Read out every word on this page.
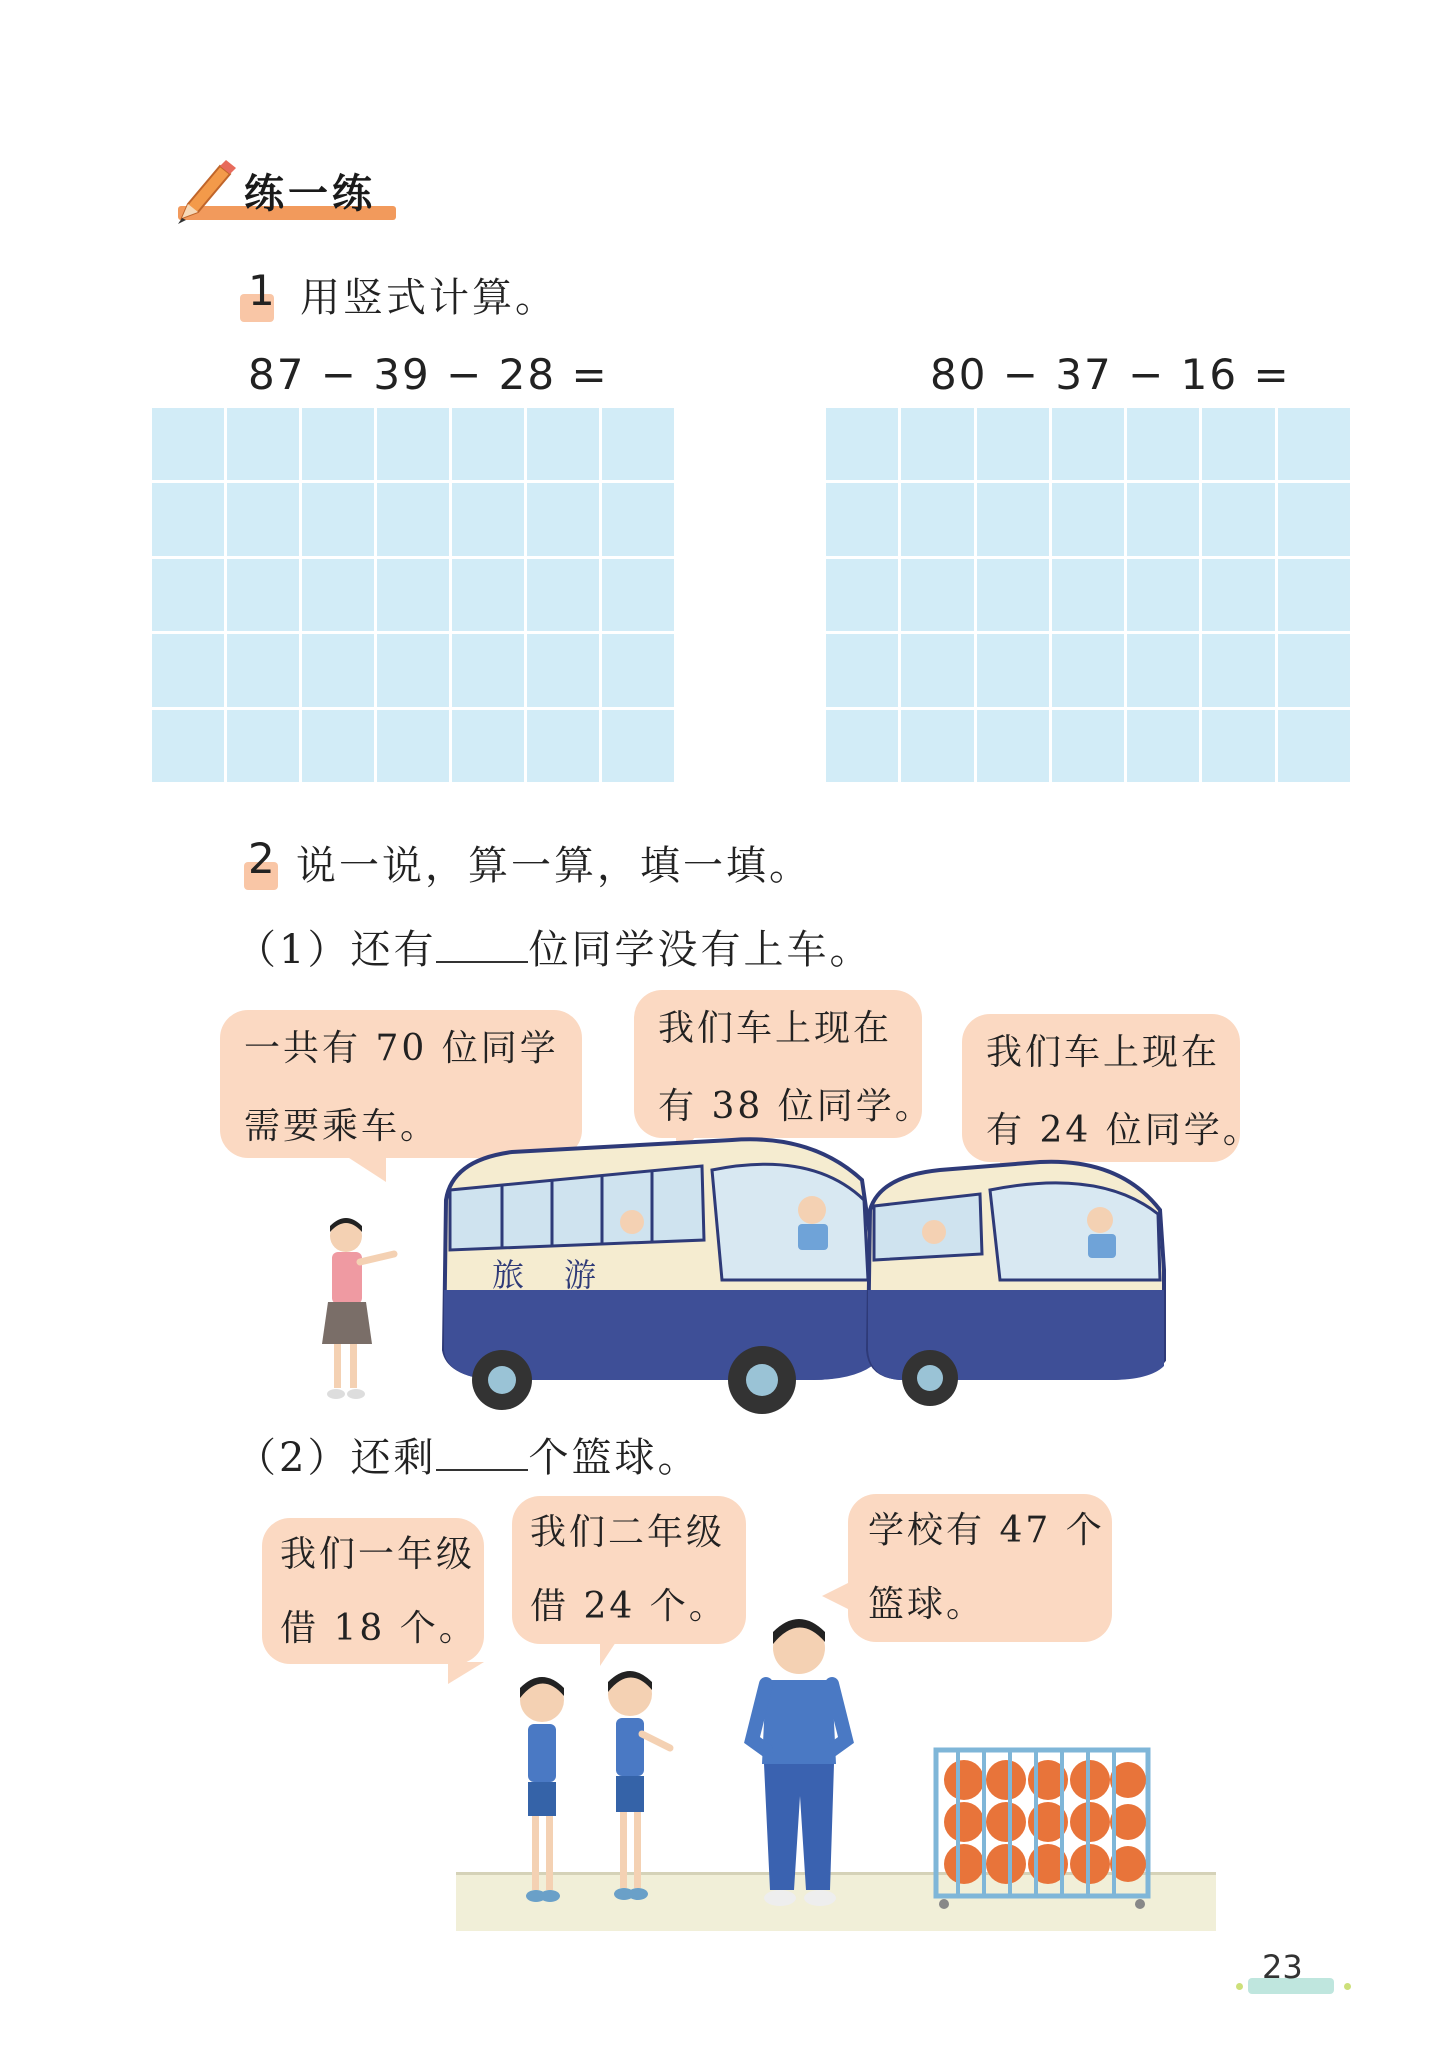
练一练
1 用竖式计算。
87 − 39 − 28 =	80 − 37 − 16 =
2 说一说，算一算，填一填。
（1）还有 位同学没有上车。
一共有 70 位同学
需要乘车。
我们车上现在
有 38 位同学。
我们车上现在
有 24 位同学。
旅　游
（2）还剩 个篮球。
我们一年级
借 18 个。
我们二年级
借 24 个。
学校有 47 个
篮球。
23
